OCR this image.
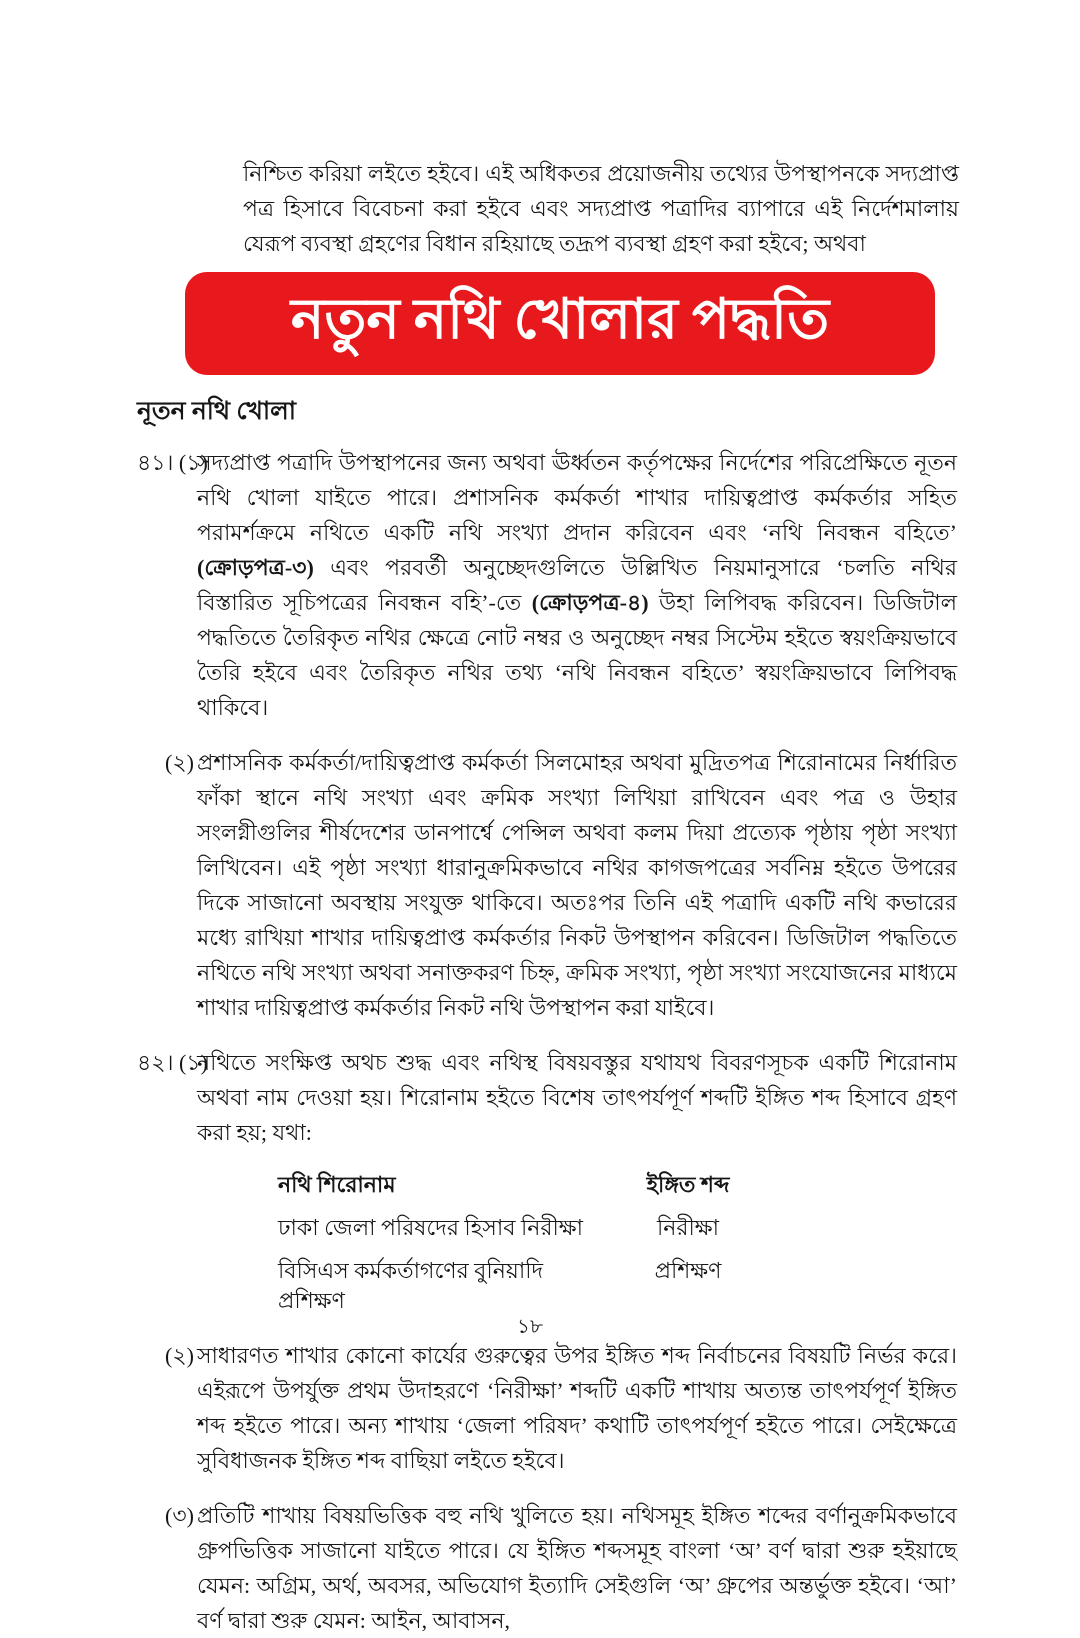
নিশ্চিত করিয়া লইতে হইবে। এই অধিকতর প্রয়োজনীয় তথ্যের উপস্থাপনকে সদ্যপ্রাপ্ত পত্র হিসাবে বিবেচনা করা হইবে এবং সদ্যপ্রাপ্ত পত্রাদির ব্যাপারে এই নির্দেশমালায় যেরূপ ব্যবস্থা গ্রহণের বিধান রহিয়াছে তদ্রূপ ব্যবস্থা গ্রহণ করা হইবে; অথবা

নতুন নথি খোলার পদ্ধতি
নূতন নথি খোলা
৪১। (১)

সদ্যপ্রাপ্ত পত্রাদি উপস্থাপনের জন্য অথবা ঊর্ধ্বতন কর্তৃপক্ষের নির্দেশের পরিপ্রেক্ষিতে নূতন নথি খোলা যাইতে পারে। প্রশাসনিক কর্মকর্তা শাখার দায়িত্বপ্রাপ্ত কর্মকর্তার সহিত পরামর্শক্রমে নথিতে একটি নথি সংখ্যা প্রদান করিবেন এবং ‘নথি নিবন্ধন বহিতে’ (ক্রোড়পত্র-৩) এবং পরবর্তী অনুচ্ছেদগুলিতে উল্লিখিত নিয়মানুসারে ‘চলতি নথির বিস্তারিত সূচিপত্রের নিবন্ধন বহি’-তে (ক্রোড়পত্র-৪) উহা লিপিবদ্ধ করিবেন। ডিজিটাল পদ্ধতিতে তৈরিকৃত নথির ক্ষেত্রে নোট নম্বর ও অনুচ্ছেদ নম্বর সিস্টেম হইতে স্বয়ংক্রিয়ভাবে তৈরি হইবে এবং তৈরিকৃত নথির তথ্য ‘নথি নিবন্ধন বহিতে’ স্বয়ংক্রিয়ভাবে লিপিবদ্ধ থাকিবে।

(২) প্রশাসনিক কর্মকর্তা/দায়িত্বপ্রাপ্ত কর্মকর্তা সিলমোহর অথবা মুদ্রিতপত্র শিরোনামের নির্ধারিত ফাঁকা স্থানে নথি সংখ্যা এবং ক্রমিক সংখ্যা লিখিয়া রাখিবেন এবং পত্র ও উহার সংলগ্নীগুলির শীর্ষদেশের ডানপার্শ্বে পেন্সিল অথবা কলম দিয়া প্রত্যেক পৃষ্ঠায় পৃষ্ঠা সংখ্যা লিখিবেন। এই পৃষ্ঠা সংখ্যা ধারানুক্রমিকভাবে নথির কাগজপত্রের সর্বনিম্ন হইতে উপরের দিকে সাজানো অবস্থায় সংযুক্ত থাকিবে। অতঃপর তিনি এই পত্রাদি একটি নথি কভারের মধ্যে রাখিয়া শাখার দায়িত্বপ্রাপ্ত কর্মকর্তার নিকট উপস্থাপন করিবেন। ডিজিটাল পদ্ধতিতে নথিতে নথি সংখ্যা অথবা সনাক্তকরণ চিহ্ন, ক্রমিক সংখ্যা, পৃষ্ঠা সংখ্যা সংযোজনের মাধ্যমে শাখার দায়িত্বপ্রাপ্ত কর্মকর্তার নিকট নথি উপস্থাপন করা যাইবে।

৪২। (১)

নথিতে সংক্ষিপ্ত অথচ শুদ্ধ এবং নথিস্থ বিষয়বস্তুর যথাযথ বিবরণসূচক একটি শিরোনাম অথবা নাম দেওয়া হয়। শিরোনাম হইতে বিশেষ তাৎপর্যপূর্ণ শব্দটি ইঙ্গিত শব্দ হিসাবে গ্রহণ করা হয়; যথা:

নথি শিরোনাম	ইঙ্গিত শব্দ
ঢাকা জেলা পরিষদের হিসাব নিরীক্ষা	নিরীক্ষা
বিসিএস কর্মকর্তাগণের বুনিয়াদি প্রশিক্ষণ
প্রশিক্ষণ
(২) সাধারণত শাখার কোনো কার্যের গুরুত্বের উপর ইঙ্গিত শব্দ নির্বাচনের বিষয়টি নির্ভর করে। এইরূপে উপর্যুক্ত প্রথম উদাহরণে ‘নিরীক্ষা’ শব্দটি একটি শাখায় অত্যন্ত তাৎপর্যপূর্ণ ইঙ্গিত শব্দ হইতে পারে। অন্য শাখায় ‘জেলা পরিষদ’ কথাটি তাৎপর্যপূর্ণ হইতে পারে। সেইক্ষেত্রে সুবিধাজনক ইঙ্গিত শব্দ বাছিয়া লইতে হইবে।

(৩) প্রতিটি শাখায় বিষয়ভিত্তিক বহু নথি খুলিতে হয়। নথিসমূহ ইঙ্গিত শব্দের বর্ণানুক্রমিকভাবে গ্রুপভিত্তিক সাজানো যাইতে পারে। যে ইঙ্গিত শব্দসমূহ বাংলা ‘অ’ বর্ণ দ্বারা শুরু হইয়াছে যেমন: অগ্রিম, অর্থ, অবসর, অভিযোগ ইত্যাদি সেইগুলি ‘অ’ গ্রুপের অন্তর্ভুক্ত হইবে। ‘আ’ বর্ণ দ্বারা শুরু যেমন: আইন, আবাসন,

১৮
